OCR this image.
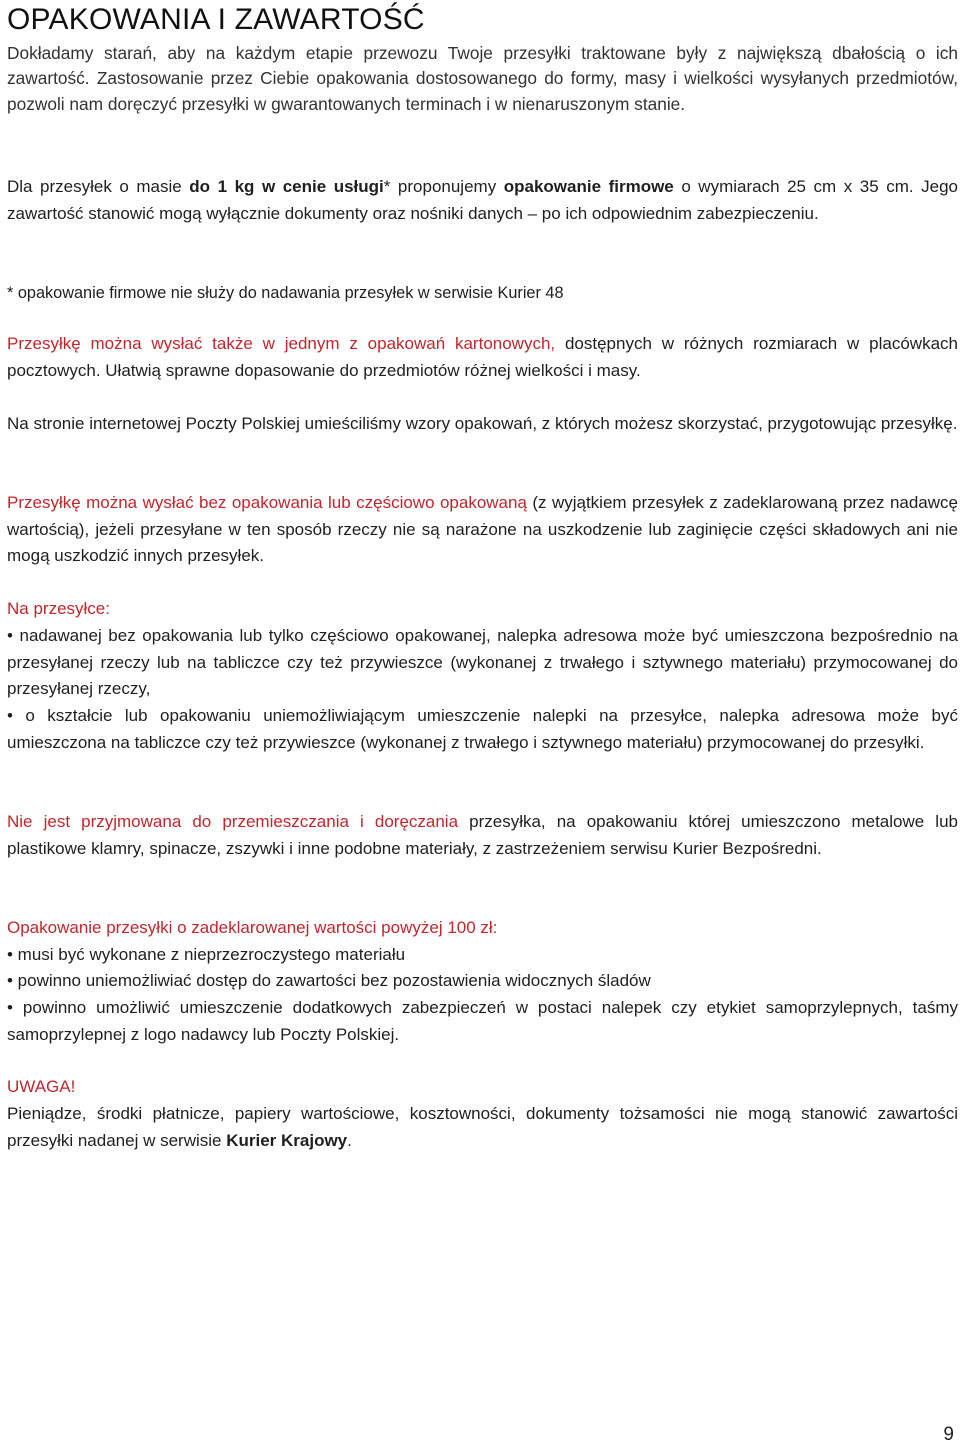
OPAKOWANIA I ZAWARTOŚĆ

Dokładamy starań, aby na każdym etapie przewozu Twoje przesyłki traktowane były z największą dbałością o ich zawartość. Zastosowanie przez Ciebie opakowania dostosowanego do formy, masy i wielkości wysyłanych przedmiotów, pozwoli nam doręczyć przesyłki w gwarantowanych terminach i w nienaruszonym stanie.

Dla przesyłek o masie do 1 kg w cenie usługi* proponujemy opakowanie firmowe o wymiarach 25 cm x 35 cm. Jego zawartość stanowić mogą wyłącznie dokumenty oraz nośniki danych – po ich odpowiednim zabezpieczeniu.

* opakowanie firmowe nie służy do nadawania przesyłek w serwisie Kurier 48

Przesyłkę można wysłać także w jednym z opakowań kartonowych, dostępnych w różnych rozmiarach w placówkach pocztowych. Ułatwią sprawne dopasowanie do przedmiotów różnej wielkości i masy.

Na stronie internetowej Poczty Polskiej umieściliśmy wzory opakowań, z których możesz skorzystać, przygotowując przesyłkę.

Przesyłkę można wysłać bez opakowania lub częściowo opakowaną (z wyjątkiem przesyłek z zadeklarowaną przez nadawcę wartością), jeżeli przesyłane w ten sposób rzeczy nie są narażone na uszkodzenie lub zaginięcie części składowych ani nie mogą uszkodzić innych przesyłek.

Na przesyłce:

• nadawanej bez opakowania lub tylko częściowo opakowanej, nalepka adresowa może być umieszczona bezpośrednio na przesyłanej rzeczy lub na tabliczce czy też przywieszce (wykonanej z trwałego i sztywnego materiału) przymocowanej do przesyłanej rzeczy,

• o kształcie lub opakowaniu uniemożliwiającym umieszczenie nalepki na przesyłce, nalepka adresowa może być umieszczona na tabliczce czy też przywieszce (wykonanej z trwałego i sztywnego materiału) przymocowanej do przesyłki.

Nie jest przyjmowana do przemieszczania i doręczania przesyłka, na opakowaniu której umieszczono metalowe lub plastikowe klamry, spinacze, zszywki i inne podobne materiały, z zastrzeżeniem serwisu Kurier Bezpośredni.

Opakowanie przesyłki o zadeklarowanej wartości powyżej 100 zł:

• musi być wykonane z nieprzezroczystego materiału

• powinno uniemożliwiać dostęp do zawartości bez pozostawienia widocznych śladów

• powinno umożliwić umieszczenie dodatkowych zabezpieczeń w postaci nalepek czy etykiet samoprzylepnych, taśmy samoprzylepnej z logo nadawcy lub Poczty Polskiej.

UWAGA!

Pieniądze, środki płatnicze, papiery wartościowe, kosztowności, dokumenty tożsamości nie mogą stanowić zawartości przesyłki nadanej w serwisie Kurier Krajowy.

9
